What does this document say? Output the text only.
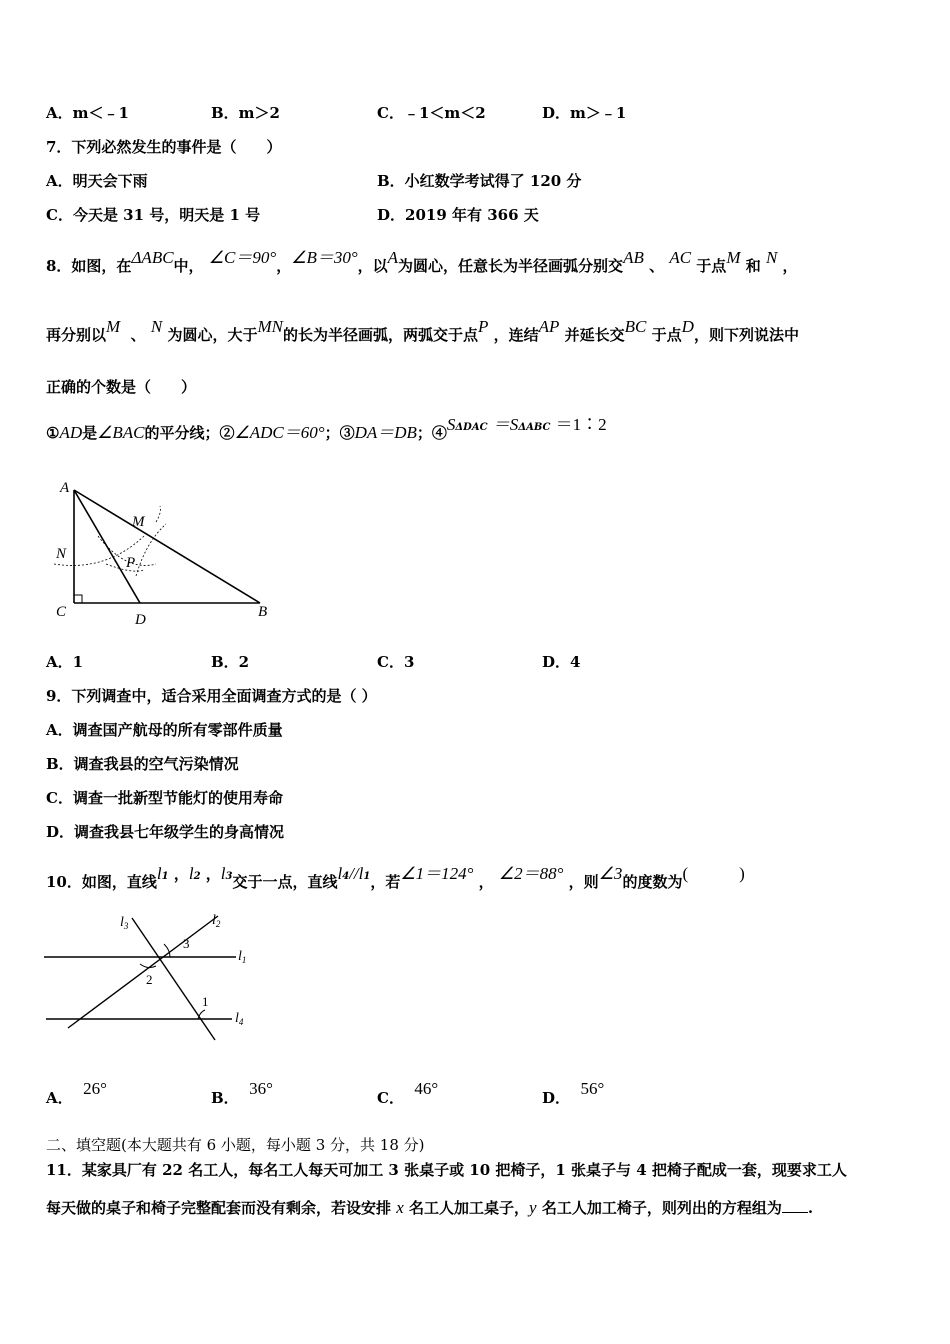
A．m＜﹣1	B．m＞2	C．﹣1＜m＜2	D．m＞﹣1
7．下列必然发生的事件是（　　）
A．明天会下雨	B．小红数学考试得了 120 分
C．今天是 31 号，明天是 1 号	D．2019 年有 366 天
8．如图，在ΔABC中， ∠C＝90°，∠B＝30°，以A为圆心，任意长为半径画弧分别交AB 、 AC 于点M 和 N ，
再分别以M 、 N 为圆心，大于MN的长为半径画弧，两弧交于点P ，连结AP 并延长交BC 于点D，则下列说法中
正确的个数是（　　）
①AD是∠BAC的平分线；②∠ADC＝60°；③DA＝DB；$④S^{\Delta DAC} =S^{\Delta ABC}$ ＝1∶2
A
M
N
P
C	D	B
A．1	B．2	C．3	D．4
9．下列调查中，适合采用全面调查方式的是（ ）
A．调查国产航母的所有零部件质量
B．调查我县的空气污染情况
C．调查一批新型节能灯的使用寿命
D．调查我县七年级学生的身高情况
10．如图，直线$l^1$ ，$l^2$ ，$l^3$交于一点，直线$l^4//l^1$，若∠1＝124° ， ∠2＝88° ，则∠3的度数为(　　　)
$l_3$	$l_2$
3
$l_1$
2
1
$l_4$
A． 26°	B． 36°	C． 46°	D． 56°
二、填空题(本大题共有 6 小题，每小题 3 分，共 18 分)
11．某家具厂有 22 名工人，每名工人每天可加工 3 张桌子或 10 把椅子，1 张桌子与 4 把椅子配成一套，现要求工人
每天做的桌子和椅子完整配套而没有剩余，若设安排 x 名工人加工桌子，y 名工人加工椅子，则列出的方程组为 .
